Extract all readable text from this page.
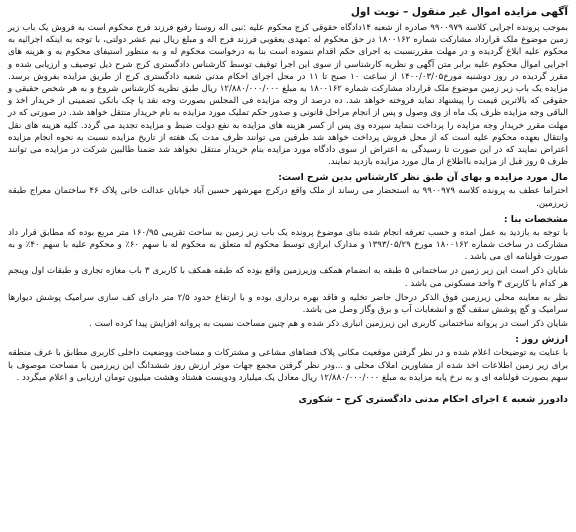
آگهی مزایده اموال غیر منقول – نوبت اول

بموجب پرونده اجرایی کلاسه ۹۹۰۰۹۷۹ صادره از شعبه ۱۴دادگاه حقوقی کرج محکوم علیه :نبی اله روستا رفیع فرزند فرج محکوم است به فروش یک باب زیر زمین موضوع ملک قرارداد مشارکت شماره ۱۸۰۰۱۶۲ در حق محکوم له :مهدی یعقوبی فرزند فرج اله و مبلغ ریال نیم عشر دولتی، با توجه به اینکه اجرائیه به محکوم علیه ابلاغ گردیده و در مهلت مقررنسبت به اجرای حکم اقدام ننموده است بنا به درخواست محکوم له و به منظور استیفای محکوم به و هزینه های اجرایی اموال محکوم علیه برابر متن آگهی و نظریه کارشناسی از سوی این اجرا توقیف توسط کارشناس دادگستری کرج شرح ذیل توصیف و ارزیابی شده و مقرر گردیده در روز دوشنبه مورخ۱۴۰۰/۰۳/۰۵ از ساعت ۱۰ صبح تا ۱۱ در محل اجرای احکام مدنی شعبه دادگستری کرج از طریق مزایده بفروش برسد. مزایده یک باب زیر زمین موضوع ملک قرارداد مشارکت شماره ۱۸۰۰۱۶۲ به مبلغ ۱۲/۸۸۰/۰۰۰/۰۰۰ ریال طبق نظریه کارشناس شروع و به هر شخص حقیقی و حقوقی که بالاترین قیمت را پیشنهاد نماید فروخته خواهد شد. ده درصد از وجه مزایده فی المجلس بصورت وجه نقد یا چک بانکی تضمینی از خریدار اخذ و الباقی وجه مزایده ظرف یک ماه از وی وصول و پس از انجام مراحل قانونی و صدور حکم تملیک مورد مزایده به نام خریدار منتقل خواهد شد. در صورتی که در مهلت مقرر خریدار وجه مزایده را پرداخت ننماید سپرده وی پس از کسر هزینه های مزایده به نفع دولت ضبط و مزایده تجدید می گردد. کلیه هزینه های نقل وانتقال بعهده محکوم علیه است که از محل فروش پرداخت خواهد شد طرفین می توانند ظرف مدت یک هفته از تاریخ مزایده نسبت به نحوه انجام مزایده اعتراض نمایند که در این صورت تا رسیدگی به اعتراض از سوی دادگاه مورد مزایده بنام خریدار منتقل نخواهد شد ضمنا طالبین شرکت در مزایده می توانند ظرف ۵ روز قبل از مزایده بااطلاع از مال مورد مزایده بازدید نمایند.

مال مورد مزایده و بهای آن طبق نظر کارشناس بدین شرح است:

احتراما عطف به پرونده کلاسه ۹۹۰۰۹۷۹ به استحضار می رساند از ملک واقع درکرج مهرشهر حسین آباد خیابان عدالت خانی پلاک ۴۶ ساختمان معراج طبقه زیرزمین.

مشخصات بنا :

با توجه به بازدید به عمل امده و حسب تعرفه انجام شده بنای موضوع پرونده یک باب زیر زمین به ساحت تقریبی ۱۶۰/۹۵ متر مربع بوده که مطابق قرار داد مشارکت در ساخت شماره ۱۸۰۰۱۶۲ مورخ ۱۳۹۳/۰۵/۲۹ و مدارک ابرازی توسط محکوم له متعلق به محکوم له با سهم ۶۰٪ و محکوم علیه با سهم ۴۰٪ و به صورت قولنامه ای می باشد .

شایان ذکر است این زیر زمین در ساختمانی ۵ طبقه به انضمام همکف وزیرزمین واقع بوده که طبقه همکف با کاربری ۳ باب مغازه تجاری و طبقات اول وپنجم هر کدام با کاربری ۳ واحد مسکونی می باشد .

نظر به معاینه محلی زیرزمین فوق الذکر درحال حاضر تخلیه و فاقد بهره برداری بوده و با ارتفاع حدود ۲/۵ متر دارای کف سازی سرامیک پوشش دیوارها سرامیک و گچ پوشش سقف گچ و انشعابات آب و برق وگاز وصل می باشد.

شایان ذکر است در پروانه ساختمانی کاربری این زیرزمین انباری ذکر شده و هم چنین مساحت نسبت به پروانه افزایش پیدا کرده است .

ارزش روز :

با عنایت به توضیحات اعلام شده و در نظر گرفتن موقعیت مکانی پلاک فضاهای مشاعی و مشترکات و مساحت ووضعیت داخلی کاربری مطابق با عرف منطقه برای زیر زمین اطلاعات اخذ شده از مشاورین املاک محلی و ...ودر نظر گرفتن مجمع جهات موثر ارزش روز ششدانگ این زیرزمین با مساحت موصوف با سهم بصورت قولنامه ای و به نرخ پایه مزایده به مبلغ ۱۲/۸۸۰/۰۰۰/۰۰۰ ریال معادل یک میلیارد ودویست هشتاد وهشت میلیون تومان ارزیابی و اعلام میگردد .

دادورز شعبه ٤ اجرای احکام مدنی دادگستری کرج – شکوری
